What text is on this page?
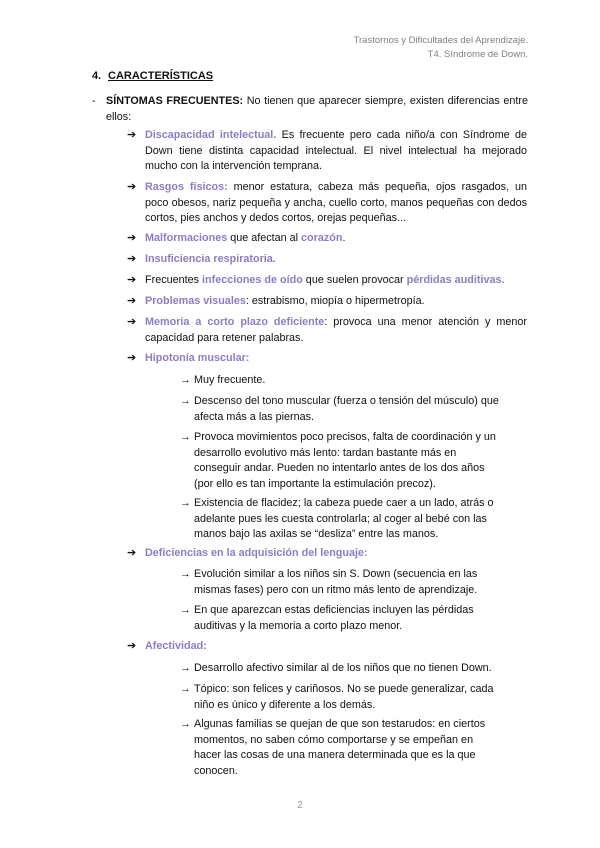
Trastornos y Dificultades del Aprendizaje.
T4. Síndrome de Down.
4. CARACTERÍSTICAS
- SÍNTOMAS FRECUENTES: No tienen que aparecer siempre, existen diferencias entre ellos:
➔ Discapacidad intelectual. Es frecuente pero cada niño/a con Síndrome de Down tiene distinta capacidad intelectual. El nivel intelectual ha mejorado mucho con la intervención temprana.
➔ Rasgos físicos: menor estatura, cabeza más pequeña, ojos rasgados, un poco obesos, nariz pequeña y ancha, cuello corto, manos pequeñas con dedos cortos, pies anchos y dedos cortos, orejas pequeñas...
➔ Malformaciones que afectan al corazón.
➔ Insuficiencia respiratoria.
➔ Frecuentes infecciones de oído que suelen provocar pérdidas auditivas.
➔ Problemas visuales: estrabismo, miopía o hipermetropía.
➔ Memoria a corto plazo deficiente: provoca una menor atención y menor capacidad para retener palabras.
➔ Hipotonía muscular:
→ Muy frecuente.
→ Descenso del tono muscular (fuerza o tensión del músculo) que afecta más a las piernas.
→ Provoca movimientos poco precisos, falta de coordinación y un desarrollo evolutivo más lento: tardan bastante más en conseguir andar. Pueden no intentarlo antes de los dos años (por ello es tan importante la estimulación precoz).
→ Existencia de flacidez; la cabeza puede caer a un lado, atrás o adelante pues les cuesta controlarla; al coger al bebé con las manos bajo las axilas se “desliza” entre las manos.
➔ Deficiencias en la adquisición del lenguaje:
→ Evolución similar a los niños sin S. Down (secuencia en las mismas fases) pero con un ritmo más lento de aprendizaje.
→ En que aparezcan estas deficiencias incluyen las pérdidas auditivas y la memoria a corto plazo menor.
➔ Afectividad:
→ Desarrollo afectivo similar al de los niños que no tienen Down.
→ Tópico: son felices y cariñosos. No se puede generalizar, cada niño es único y diferente a los demás.
→ Algunas familias se quejan de que son testarudos: en ciertos momentos, no saben cómo comportarse y se empeñan en hacer las cosas de una manera determinada que es la que conocen.
2
